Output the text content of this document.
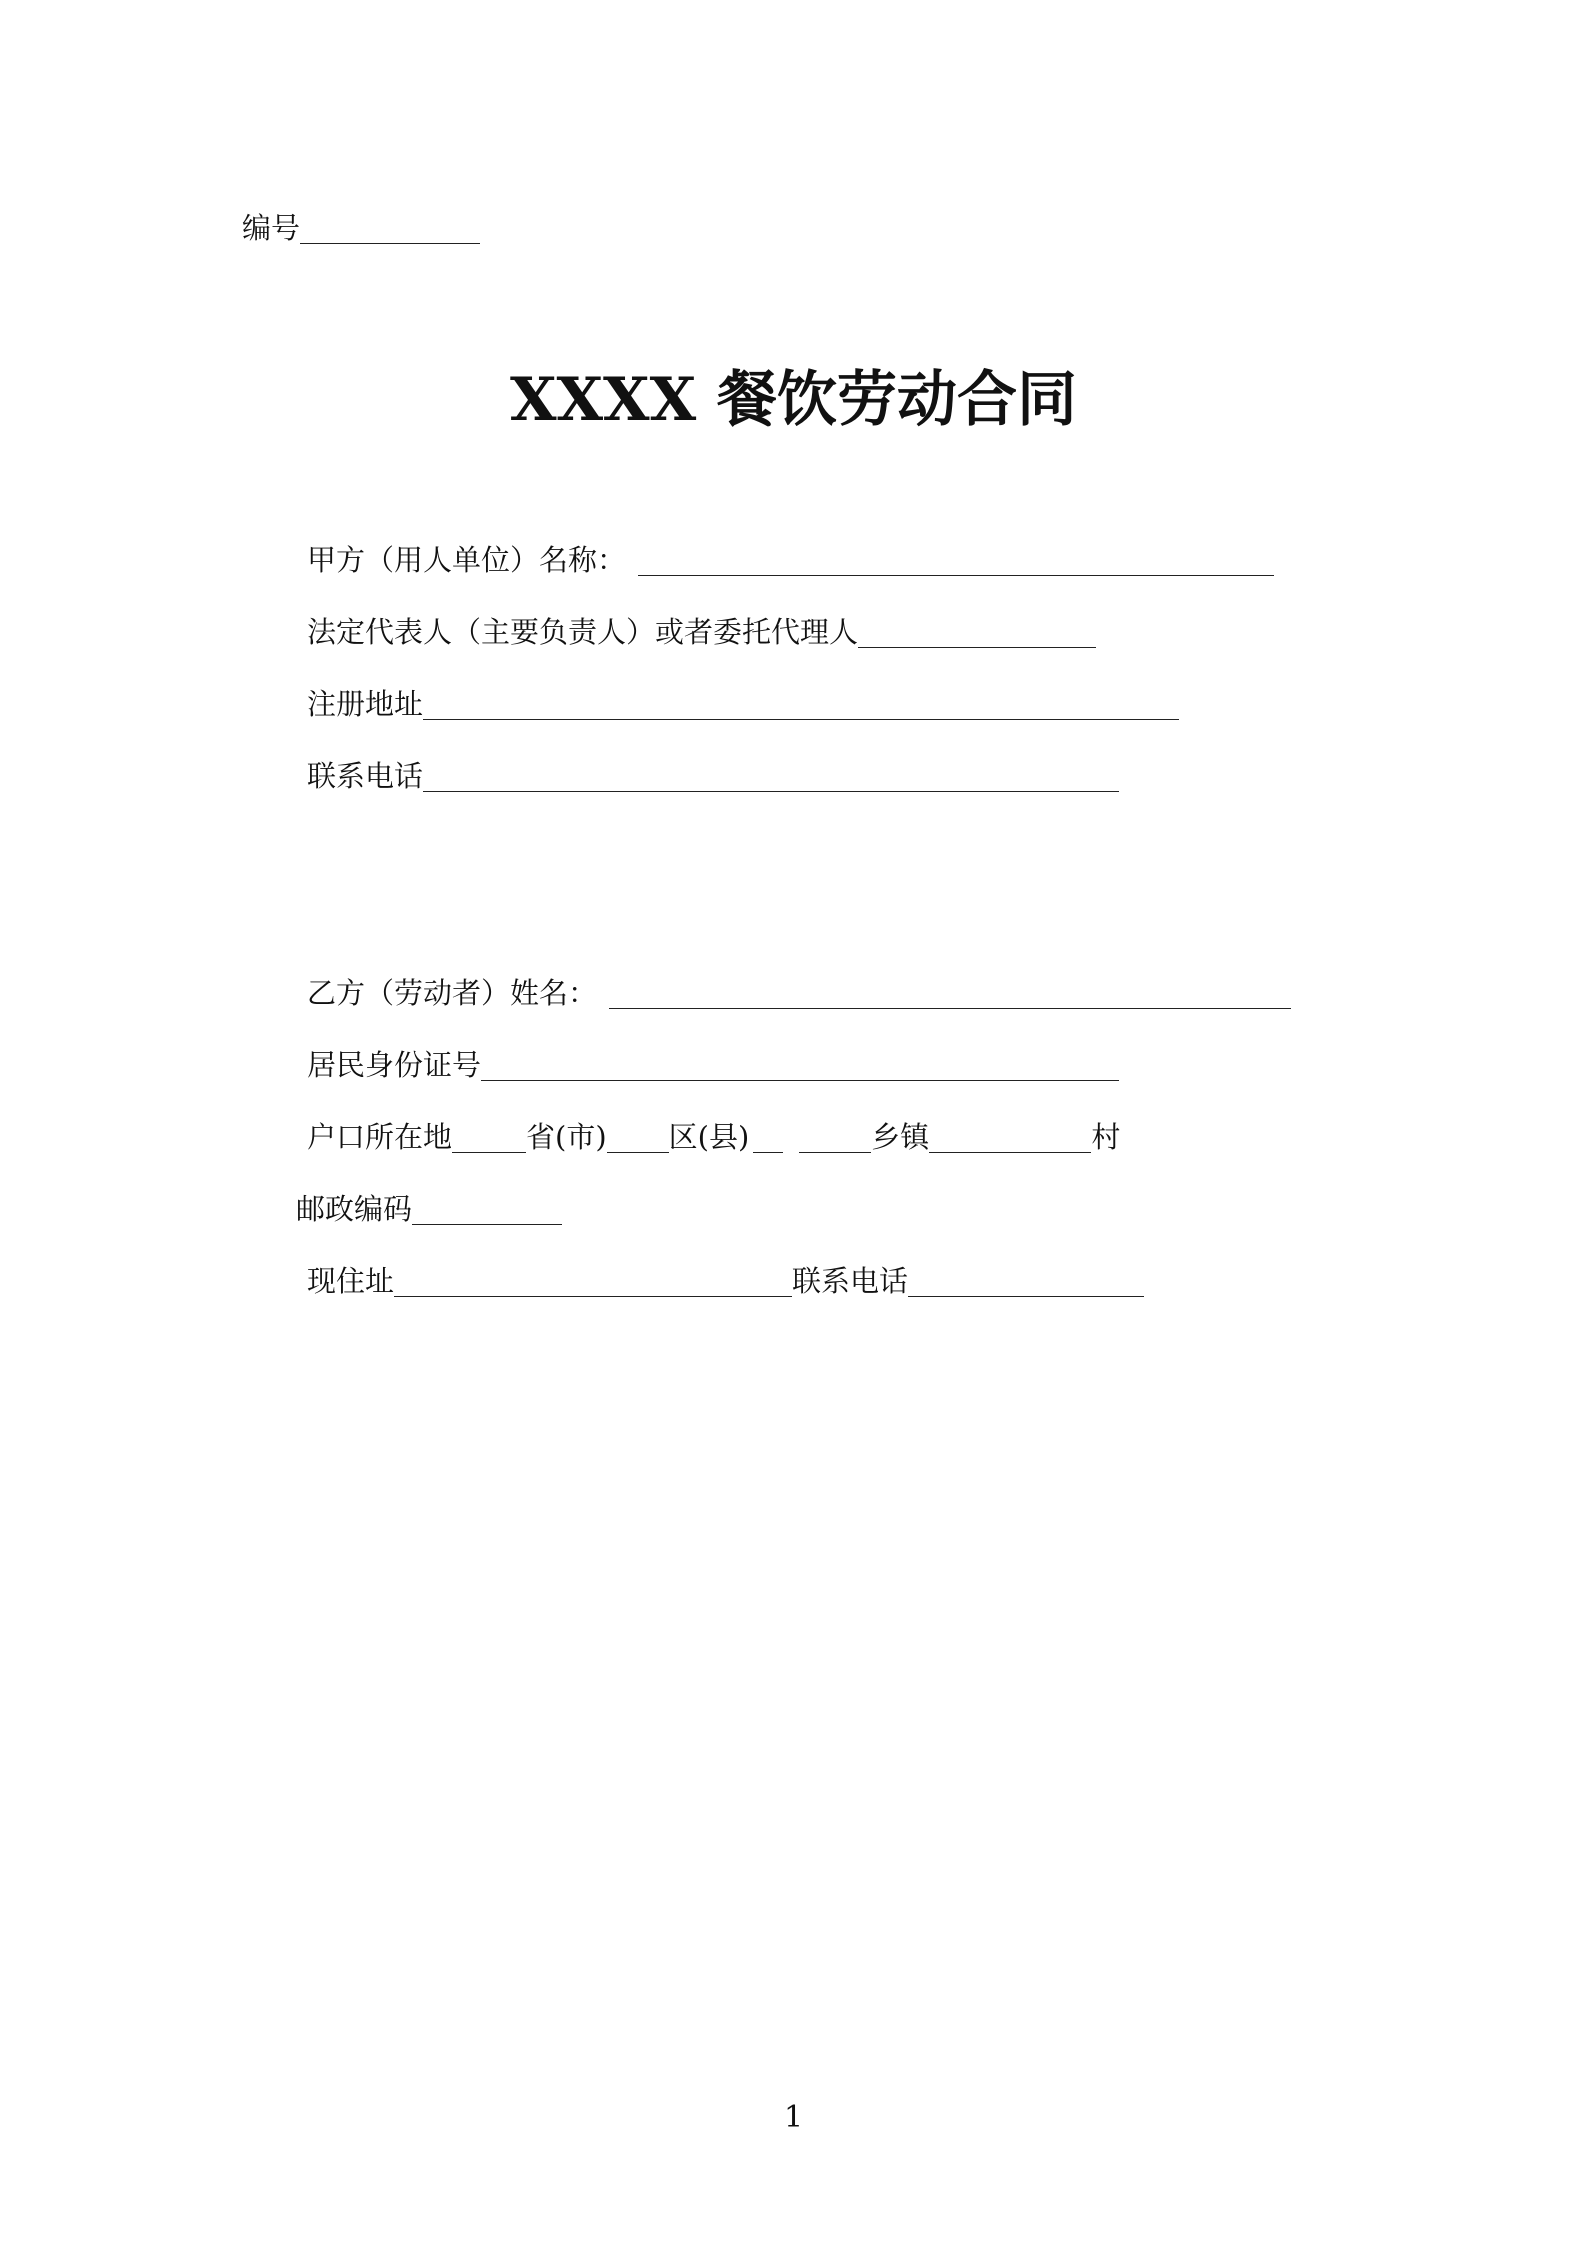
编号
XXXX 餐饮劳动合同
甲方（用人单位）名称：
法定代表人（主要负责人）或者委托代理人
注册地址
联系电话
乙方（劳动者）姓名：
居民身份证号
户口所在地	省(市) 区(县)	乡镇	村
邮政编码
现住址	联系电话
1
